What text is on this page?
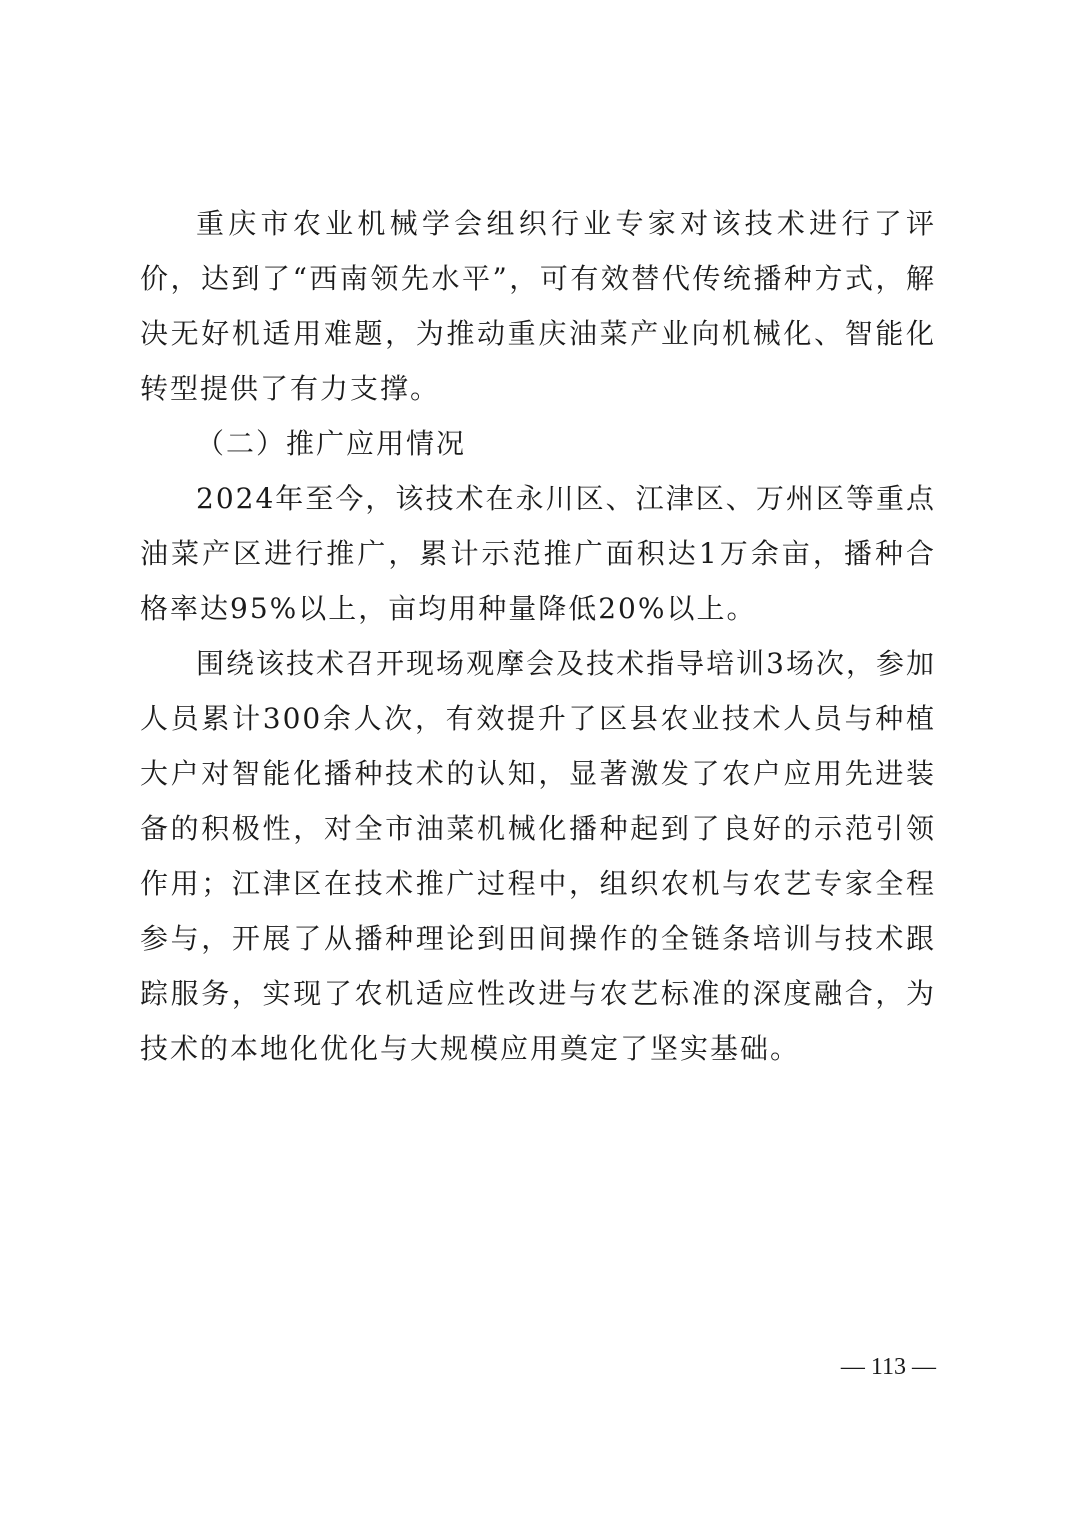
重庆市农业机械学会组织行业专家对该技术进行了评价，达到了“西南领先水平”，可有效替代传统播种方式，解决无好机适用难题，为推动重庆油菜产业向机械化、智能化转型提供了有力支撑。

（二）推广应用情况

2024年至今，该技术在永川区、江津区、万州区等重点油菜产区进行推广，累计示范推广面积达1万余亩，播种合格率达95%以上，亩均用种量降低20%以上。

围绕该技术召开现场观摩会及技术指导培训3场次，参加人员累计300余人次，有效提升了区县农业技术人员与种植大户对智能化播种技术的认知，显著激发了农户应用先进装备的积极性，对全市油菜机械化播种起到了良好的示范引领作用；江津区在技术推广过程中，组织农机与农艺专家全程参与，开展了从播种理论到田间操作的全链条培训与技术跟踪服务，实现了农机适应性改进与农艺标准的深度融合，为技术的本地化优化与大规模应用奠定了坚实基础。

— 113 —
